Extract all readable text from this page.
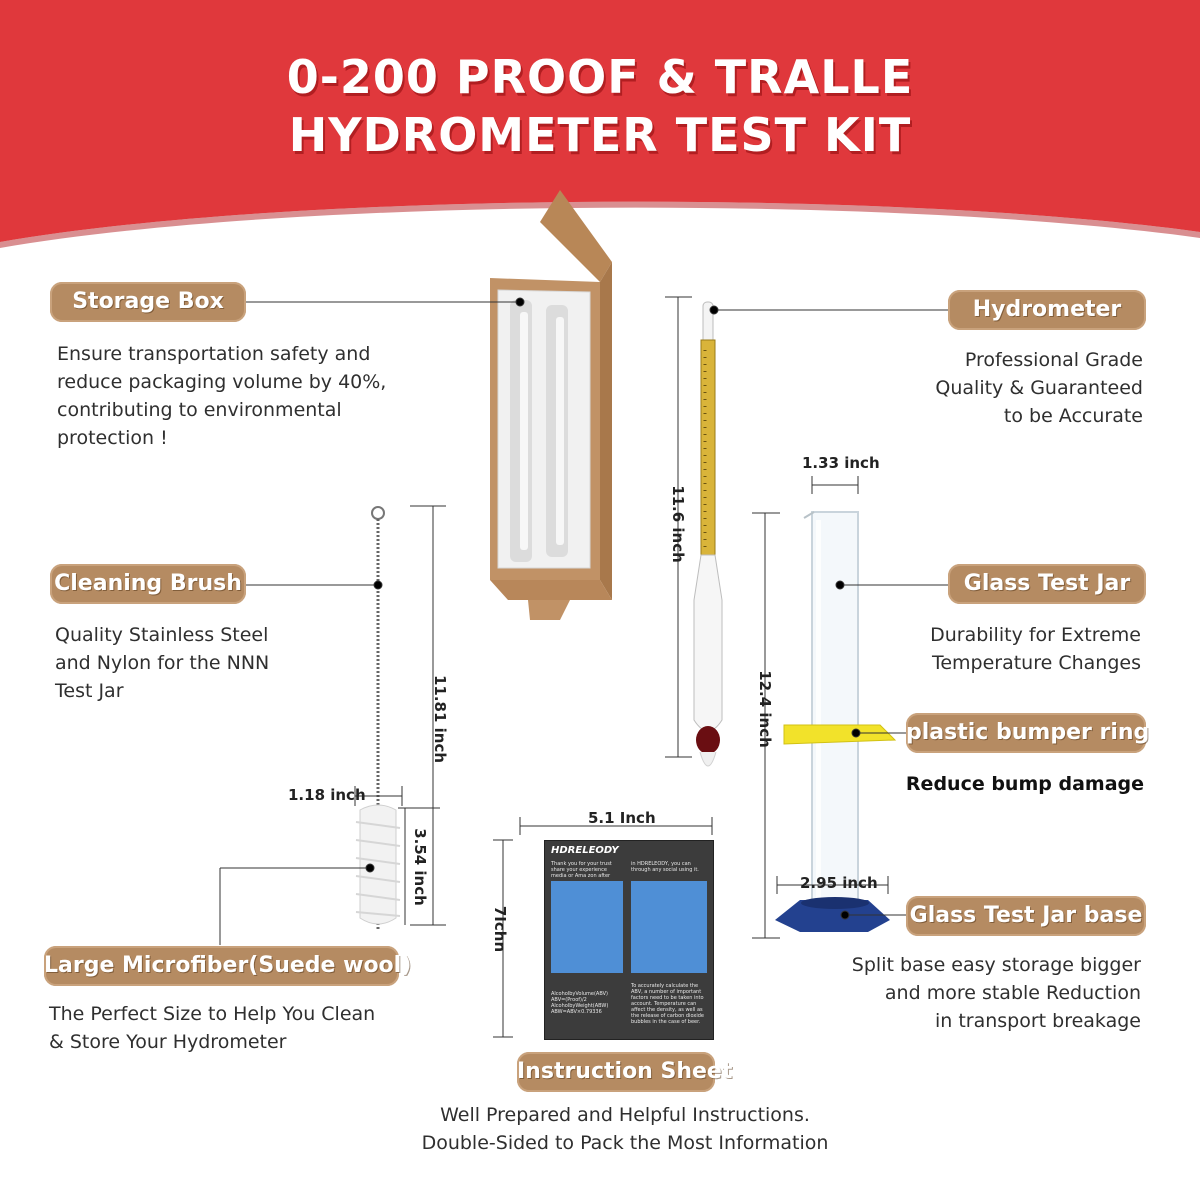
0-200 PROOF & TRALLE
HYDROMETER TEST KIT
HDRELEODY
Thank you for your trust share your experience media or Ama zon after
in HDRELEODY, you can through any social using it.
AlcoholbyVolume(ABV) ABV=(Proof)/2 AlcoholbyWeight(ABW) ABW=ABV×0.79336
To accurately calculate the ABV, a number of important factors need to be taken into account. Temperature can affect the density, as well as the release of carbon dioxide bubbles in the case of beer.
Storage Box
Ensure transportation safety and
reduce packaging volume by 40%,
contributing to environmental
protection !
Hydrometer
Professional Grade
Quality & Guaranteed
to be Accurate
11.6 inch
Cleaning Brush
Quality Stainless Steel
and Nylon for the NNN
Test Jar	11.81 inch
1.18 inch
3.54 inch
1.33 inch
12.4 inch
Glass Test Jar
Durability for Extreme
Temperature Changes
plastic bumper ring
Reduce bump damage
2.95 inch
Glass Test Jar base
Split base easy storage bigger
and more stable Reduction
in transport breakage
Large Microfiber(Suede wool)
The Perfect Size to Help You Clean
& Store Your Hydrometer
5.1 Inch
7Ichn
Instruction Sheet
Well Prepared and Helpful Instructions.
Double-Sided to Pack the Most Information
